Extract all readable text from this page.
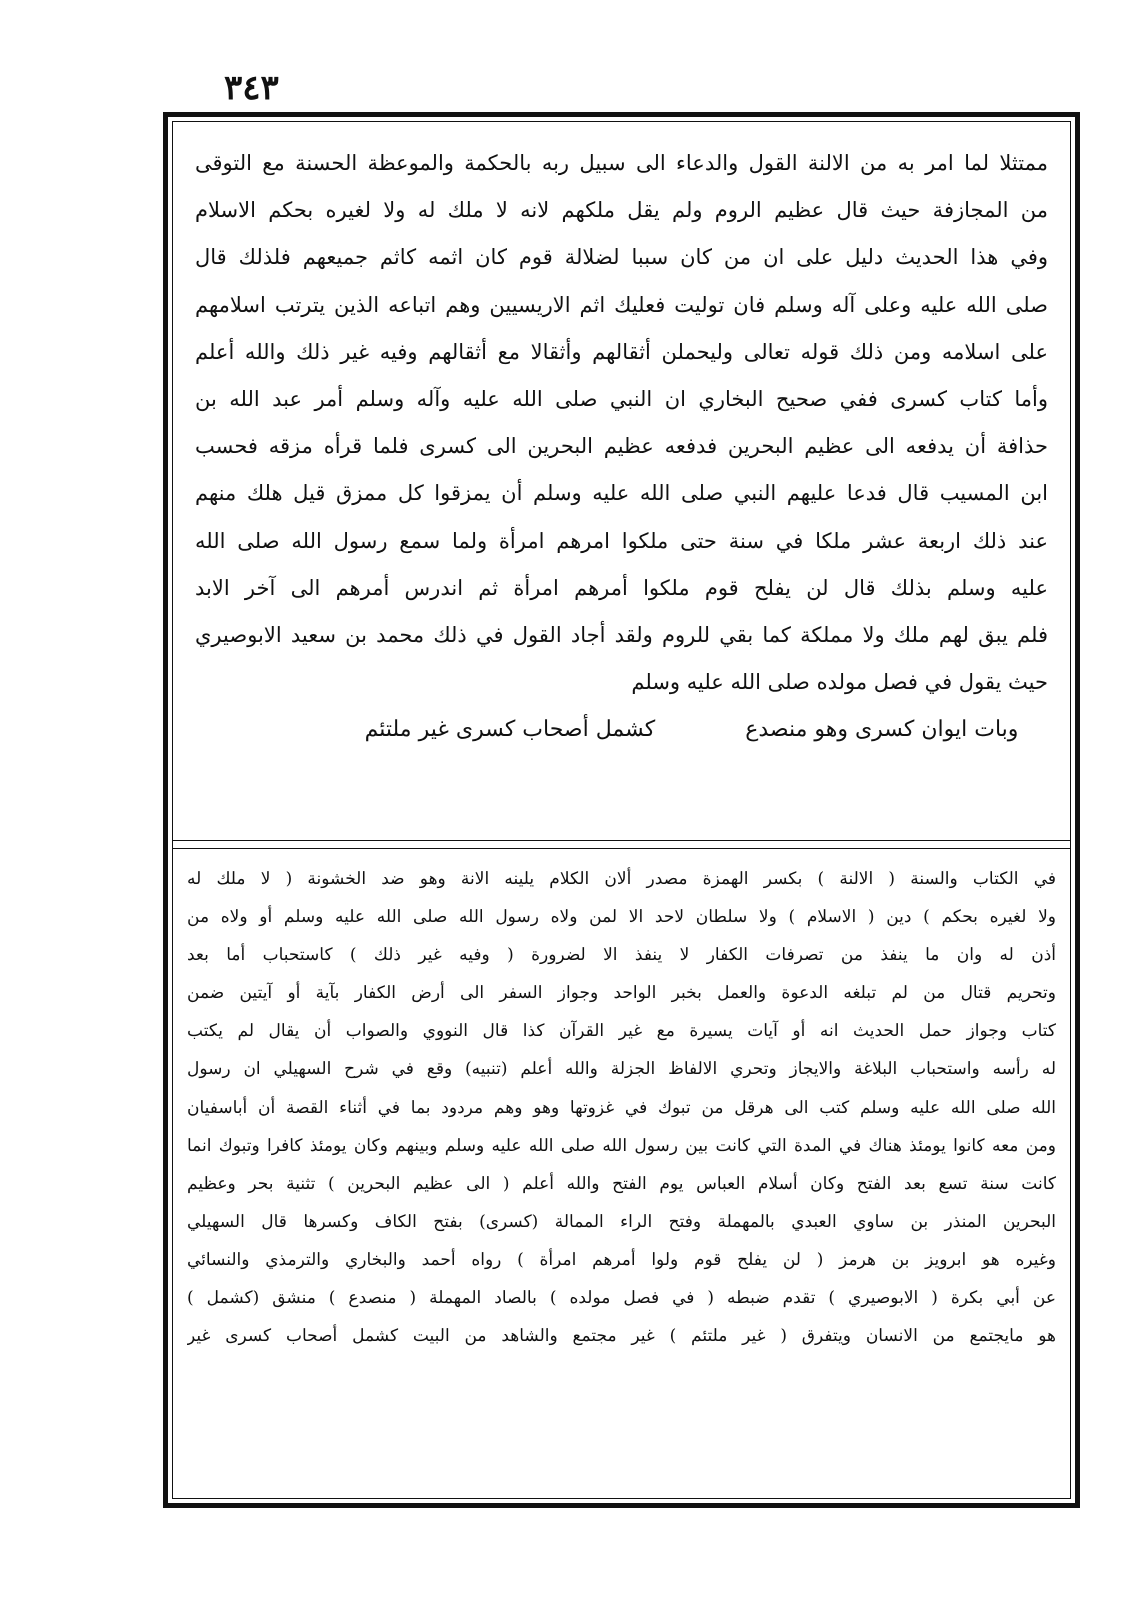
٣٤٣
ممتثلا لما امر به من الالنة القول والدعاء الى سبيل ربه بالحكمة والموعظة الحسنة مع التوقى
من المجازفة حيث قال عظيم الروم ولم يقل ملكهم لانه لا ملك له ولا لغيره بحكم الاسلام
وفي هذا الحديث دليل على ان من كان سببا لضلالة قوم كان اثمه كاثم جميعهم فلذلك قال
صلى الله عليه وعلى آله وسلم فان توليت فعليك اثم الاريسيين وهم اتباعه الذين يترتب اسلامهم
على اسلامه ومن ذلك قوله تعالى وليحملن أثقالهم وأثقالا مع أثقالهم وفيه غير ذلك والله أعلم
وأما كتاب كسرى ففي صحيح البخاري ان النبي صلى الله عليه وآله وسلم أمر عبد الله بن
حذافة أن يدفعه الى عظيم البحرين فدفعه عظيم البحرين الى كسرى فلما قرأه مزقه فحسب
ابن المسيب قال فدعا عليهم النبي صلى الله عليه وسلم أن يمزقوا كل ممزق قيل هلك منهم
عند ذلك اربعة عشر ملكا في سنة حتى ملكوا امرهم امرأة ولما سمع رسول الله صلى الله
عليه وسلم بذلك قال لن يفلح قوم ملكوا أمرهم امرأة ثم اندرس أمرهم الى آخر الابد
فلم يبق لهم ملك ولا مملكة كما بقي للروم ولقد أجاد القول في ذلك محمد بن سعيد الابوصيري
حيث يقول في فصل مولده صلى الله عليه وسلم
وبات ايوان كسرى وهو منصدع
كشمل أصحاب كسرى غير ملتئم
في الكتاب والسنة ( الالنة ) بكسر الهمزة مصدر ألان الكلام يلينه الانة وهو ضد الخشونة ( لا ملك له
ولا لغيره بحكم ) دين ( الاسلام ) ولا سلطان لاحد الا لمن ولاه رسول الله صلى الله عليه وسلم أو ولاه من
أذن له وان ما ينفذ من تصرفات الكفار لا ينفذ الا لضرورة ( وفيه غير ذلك ) كاستحباب أما بعد
وتحريم قتال من لم تبلغه الدعوة والعمل بخبر الواحد وجواز السفر الى أرض الكفار بآية أو آيتين ضمن
كتاب وجواز حمل الحديث انه أو آيات يسيرة مع غير القرآن كذا قال النووي والصواب أن يقال لم يكتب
له رأسه واستحباب البلاغة والايجاز وتحري الالفاظ الجزلة والله أعلم (تنبيه) وقع في شرح السهيلي ان رسول
الله صلى الله عليه وسلم كتب الى هرقل من تبوك في غزوتها وهو وهم مردود بما في أثناء القصة أن أباسفيان
ومن معه كانوا يومئذ هناك في المدة التي كانت بين رسول الله صلى الله عليه وسلم وبينهم وكان يومئذ كافرا وتبوك انما
كانت سنة تسع بعد الفتح وكان أسلام العباس يوم الفتح والله أعلم ( الى عظيم البحرين ) تثنية بحر وعظيم
البحرين المنذر بن ساوي العبدي بالمهملة وفتح الراء الممالة (كسرى) بفتح الكاف وكسرها قال السهيلي
وغيره هو ابرويز بن هرمز ( لن يفلح قوم ولوا أمرهم امرأة ) رواه أحمد والبخاري والترمذي والنسائي
عن أبي بكرة ( الابوصيري ) تقدم ضبطه ( في فصل مولده ) بالصاد المهملة ( منصدع ) منشق (كشمل )
هو مايجتمع من الانسان ويتفرق ( غير ملتئم ) غير مجتمع والشاهد من البيت كشمل أصحاب كسرى غير
